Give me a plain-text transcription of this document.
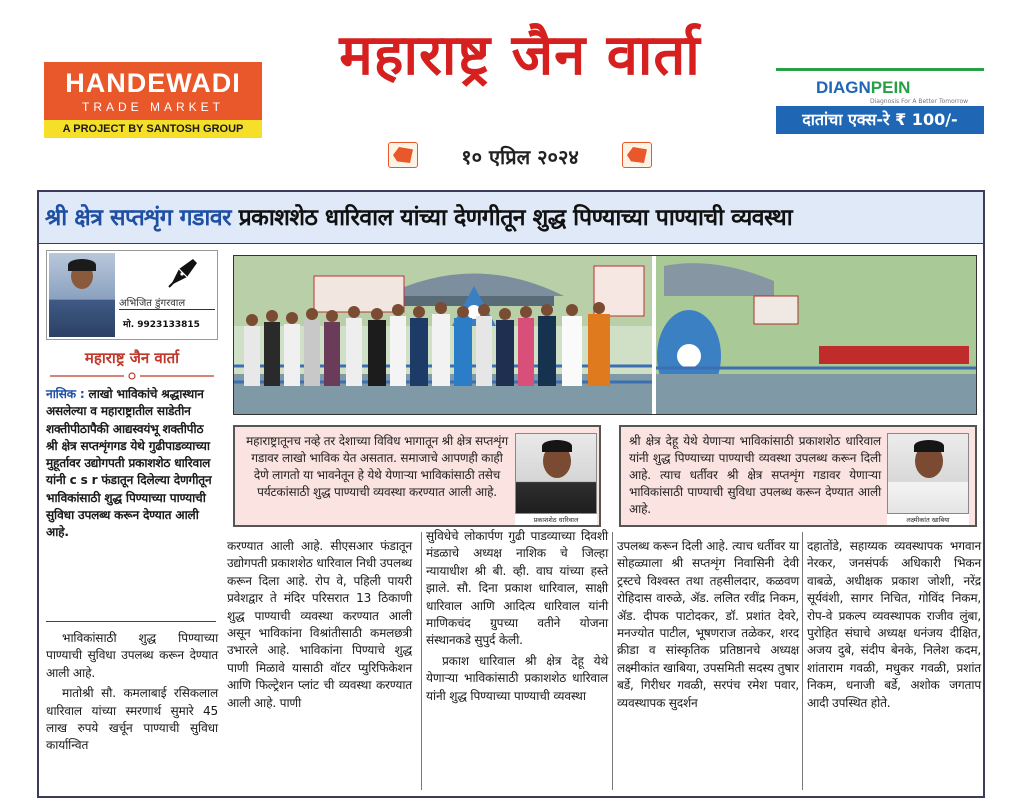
HANDEWADI
TRADE MARKET
A PROJECT BY SANTOSH GROUP
महाराष्ट्र जैन वार्ता
१० एप्रिल २०२४
DIAGNPEIN
Diagnosis For A Better Tomorrow
दातांचा एक्स-रे ₹ 100/-
श्री क्षेत्र सप्तशृंग गडावर प्रकाशशेठ धारिवाल यांच्या देणगीतून शुद्ध पिण्याच्या पाण्याची व्यवस्था
अभिजित डुंगरवाल
मो. 9923133815
महाराष्ट्र जैन वार्ता
नासिक : लाखो भाविकांचे श्रद्धास्थान असलेल्या व महाराष्ट्रातील साडेतीन शक्तीपीठापैकी आद्यस्वयंभू शक्तीपीठ श्री क्षेत्र सप्तशृंगगड येथे गुढीपाडव्याच्या मुहूर्तावर उद्योगपती प्रकाशशेठ धारिवाल यांनी c s r फंडातून दिलेल्या देणगीतून भाविकांसाठी शुद्ध पिण्याच्या पाण्याची सुविधा उपलब्ध करून देण्यात आली आहे.

भाविकांसाठी शुद्ध पिण्याच्या पाण्याची सुविधा उपलब्ध करून देण्यात आली आहे.

मातोश्री सौ. कमलाबाई रसिकलाल धारिवाल यांच्या स्मरणार्थ सुमारे 45 लाख रुपये खर्चून पाण्याची सुविधा कार्यान्वित

महाराष्ट्रातूनच नव्हे तर देशाच्या विविध भागातून श्री क्षेत्र सप्तशृंग गडावर लाखो भाविक येत असतात. समाजाचे आपणही काही देणे लागतो या भावनेतून हे येथे येणाऱ्या भाविकांसाठी तसेच पर्यटकांसाठी शुद्ध पाण्याची व्यवस्था करण्यात आली आहे.
प्रकाशशेठ धारिवाल
श्री क्षेत्र देहू येथे येणाऱ्या भाविकांसाठी प्रकाशशेठ धारिवाल यांनी शुद्ध पिण्याच्या पाण्याची व्यवस्था उपलब्ध करून दिली आहे. त्याच धर्तीवर श्री क्षेत्र सप्तशृंग गडावर येणाऱ्या भाविकांसाठी पाण्याची सुविधा उपलब्ध करून देण्यात आली आहे.
लक्ष्मीकांत खाबिया

करण्यात आली आहे. सीएसआर फंडातून उद्योगपती प्रकाशशेठ धारिवाल निधी उपलब्ध करून दिला आहे. रोप वे, पहिली पायरी प्रवेशद्वार ते मंदिर परिसरात 13 ठिकाणी शुद्ध पाण्याची व्यवस्था करण्यात आली असून भाविकांना विश्रांतीसाठी कमलछत्री उभारले आहे. भाविकांना पिण्याचे शुद्ध पाणी मिळावे यासाठी वॉटर प्युरिफिकेशन आणि फिल्ट्रेशन प्लांट ची व्यवस्था करण्यात आली आहे. पाणी

सुविधेचे लोकार्पण गुढी पाडव्याच्या दिवशी मंडळाचे अध्यक्ष नाशिक चे जिल्हा न्यायाधीश श्री बी. व्ही. वाघ यांच्या हस्ते झाले. सौ. दिना प्रकाश धारिवाल, साक्षी धारिवाल आणि आदित्य धारिवाल यांनी माणिकचंद ग्रुपच्या वतीने योजना संस्थानकडे सुपुर्द केली.

प्रकाश धारिवाल श्री क्षेत्र देहू येथे येणाऱ्या भाविकांसाठी प्रकाशशेठ धारिवाल यांनी शुद्ध पिण्याच्या पाण्याची व्यवस्था

उपलब्ध करून दिली आहे. त्याच धर्तीवर या सोहळ्याला श्री सप्तशृंग निवासिनी देवी ट्रस्टचे विश्वस्त तथा तहसीलदार, कळवण रोहिदास वारुळे, ॲड. ललित रवींद्र निकम, ॲड. दीपक पाटोदकर, डॉ. प्रशांत देवरे, मनज्योत पाटील, भूषणराज तळेकर, शरद क्रीडा व सांस्कृतिक प्रतिष्ठानचे अध्यक्ष लक्ष्मीकांत खाबिया, उपसमिती सदस्य तुषार बर्डे, गिरीधर गवळी, सरपंच रमेश पवार, व्यवस्थापक सुदर्शन

दहातोंडे, सहाय्यक व्यवस्थापक भगवान नेरकर, जनसंपर्क अधिकारी भिकन वाबळे, अधीक्षक प्रकाश जोशी, नरेंद्र सूर्यवंशी, सागर निचित, गोविंद निकम, रोप-वे प्रकल्प व्यवस्थापक राजीव लुंबा, पुरोहित संघाचे अध्यक्ष धनंजय दीक्षित, अजय दुबे, संदीप बेनके, निलेश कदम, शांताराम गवळी, मधुकर गवळी, प्रशांत निकम, धनाजी बर्डे, अशोक जगताप आदी उपस्थित होते.
